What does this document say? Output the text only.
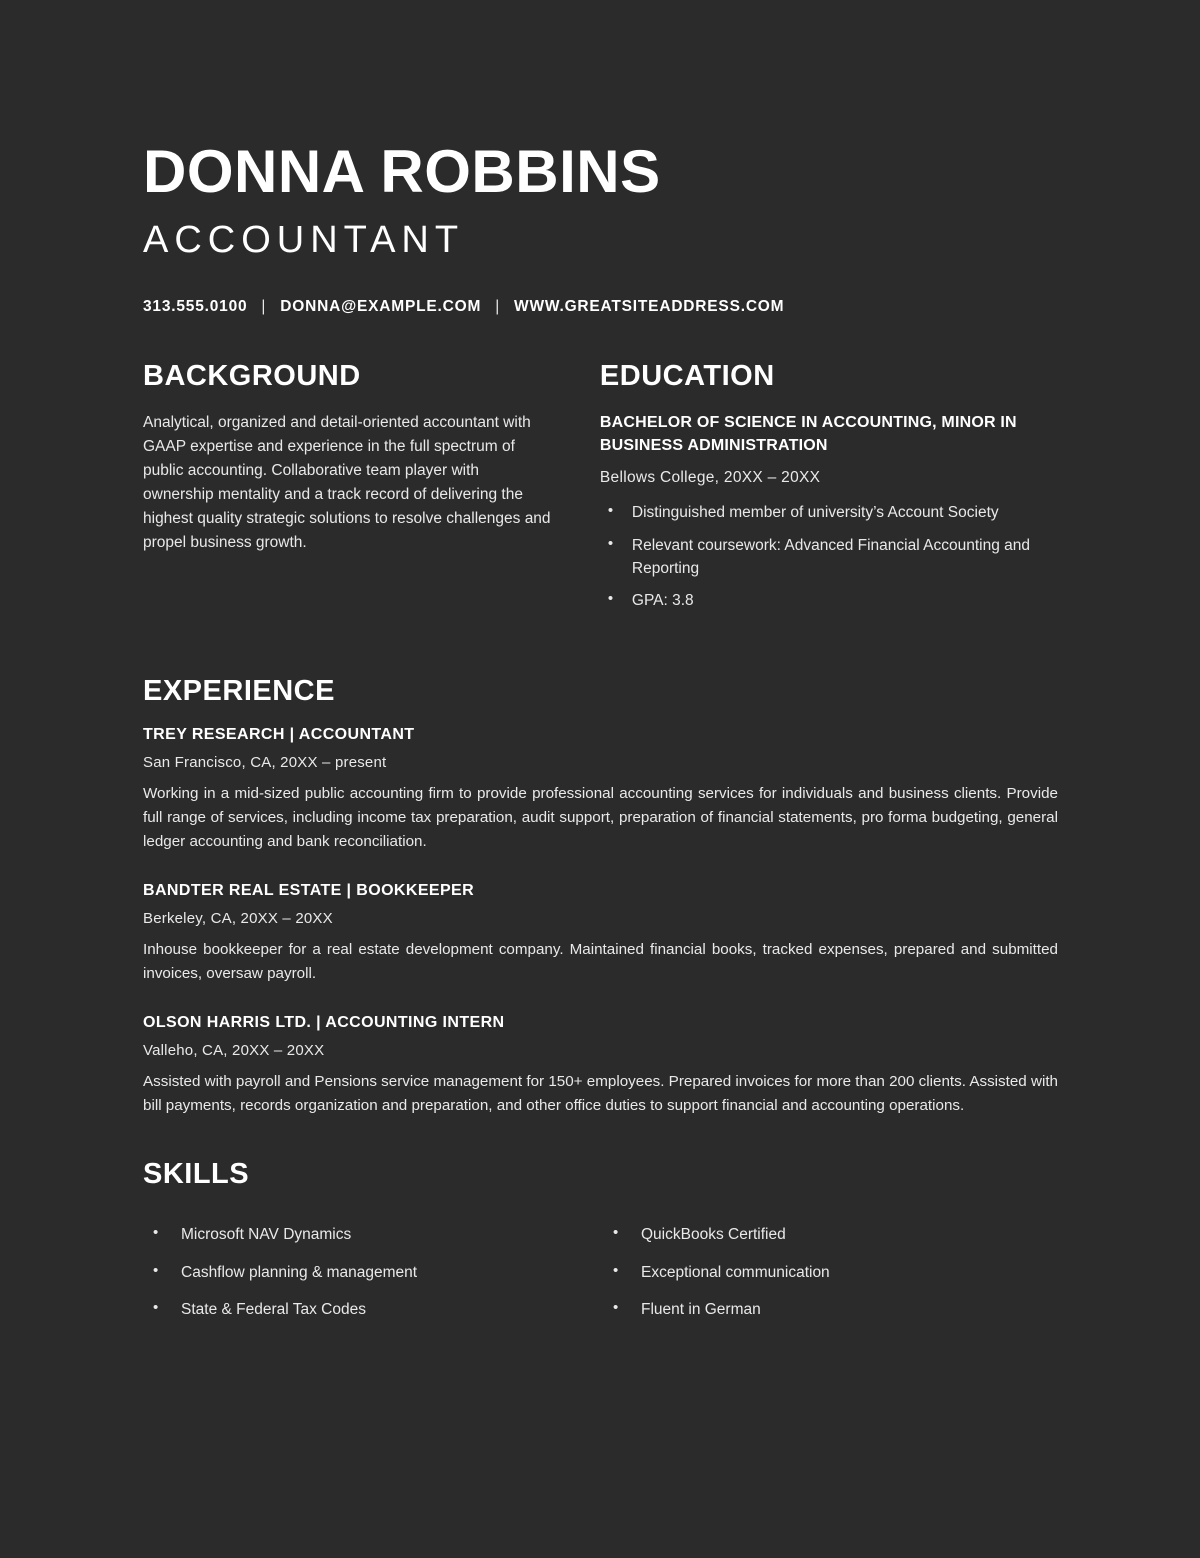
DONNA ROBBINS
ACCOUNTANT
313.555.0100 | DONNA@EXAMPLE.COM | WWW.GREATSITEADDRESS.COM
BACKGROUND
Analytical, organized and detail-oriented accountant with GAAP expertise and experience in the full spectrum of public accounting. Collaborative team player with ownership mentality and a track record of delivering the highest quality strategic solutions to resolve challenges and propel business growth.
EDUCATION
BACHELOR OF SCIENCE IN ACCOUNTING, MINOR IN BUSINESS ADMINISTRATION
Bellows College, 20XX – 20XX
• Distinguished member of university’s Account Society
• Relevant coursework: Advanced Financial Accounting and Reporting
• GPA: 3.8
EXPERIENCE
TREY RESEARCH | ACCOUNTANT
San Francisco, CA, 20XX – present
Working in a mid-sized public accounting firm to provide professional accounting services for individuals and business clients. Provide full range of services, including income tax preparation, audit support, preparation of financial statements, pro forma budgeting, general ledger accounting and bank reconciliation.
BANDTER REAL ESTATE | BOOKKEEPER
Berkeley, CA, 20XX – 20XX
Inhouse bookkeeper for a real estate development company. Maintained financial books, tracked expenses, prepared and submitted invoices, oversaw payroll.
OLSON HARRIS LTD. | ACCOUNTING INTERN
Valleho, CA, 20XX – 20XX
Assisted with payroll and Pensions service management for 150+ employees. Prepared invoices for more than 200 clients. Assisted with bill payments, records organization and preparation, and other office duties to support financial and accounting operations.
SKILLS
• Microsoft NAV Dynamics
• Cashflow planning & management
• State & Federal Tax Codes
• QuickBooks Certified
• Exceptional communication
• Fluent in German
